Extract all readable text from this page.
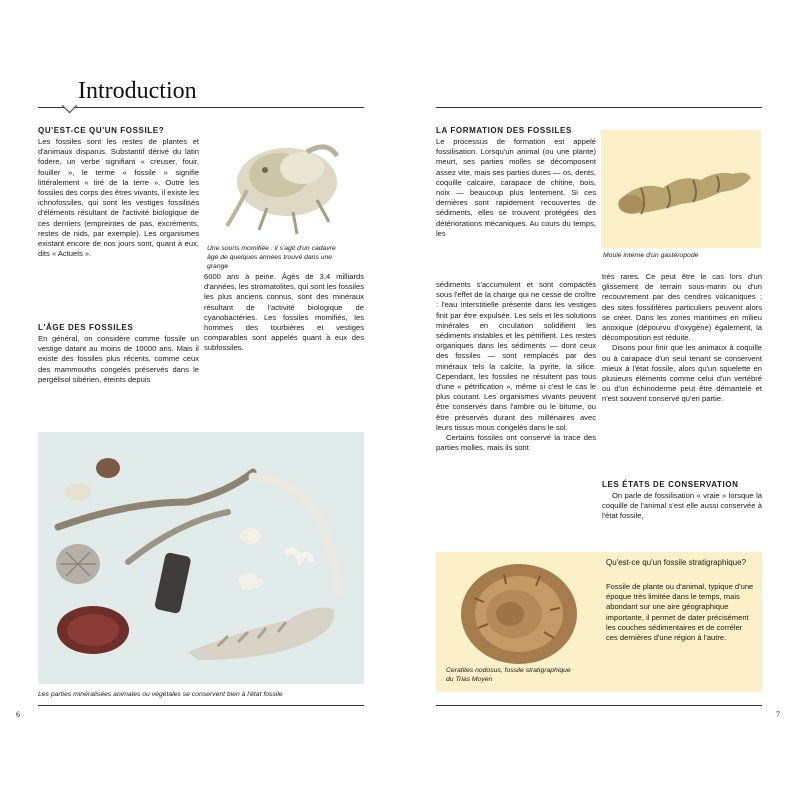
Introduction
QU'EST-CE QU'UN FOSSILE?

Les fossiles sont les restes de plantes et d'animaux disparus. Substantif dérivé du latin fodere, un verbe signifiant « creuser, fouir, fouiller », le terme « fossile » signifie littéralement « tiré de la terre ». Outre les fossiles des corps des êtres vivants, il existe les ichnofossiles, qui sont les vestiges fossilisés d'éléments résultant de l'activité biologique de ces derniers (empreintes de pas, excréments, restes de nids, par exemple). Les organismes existant encore de nos jours sont, quant à eux, dits « Actuels ».

Une souris momifiée : il s'agit d'un cadavre âgé de quelques années trouvé dans une grange
L'ÂGE DES FOSSILES

En général, on considère comme fossile un vestige datant au moins de 10000 ans. Mais il existe des fossiles plus récents, comme ceux des mammouths congelés préservés dans le pergélisol sibérien, éteints depuis

6000 ans à peine. Âgés de 3,4 milliards d'années, les stromatolites, qui sont les fossiles les plus anciens connus, sont des minéraux résultant de l'activité biologique de cyanobactéries. Les fossiles momifiés, les hommes des tourbières et vestiges comparables sont appelés quant à eux des subfossiles.

Les parties minéralisées animales ou végétales se conservent bien à l'état fossile
6
LA FORMATION DES FOSSILES

Le processus de formation est appelé fossilisation. Lorsqu'un animal (ou une plante) meurt, ses parties molles se décomposent assez vite, mais ses parties dures — os, dents, coquille calcaire, carapace de chitine, bois, noix — beaucoup plus lentement. Si ces dernières sont rapidement recouvertes de sédiments, elles se trouvent protégées des détériorations mécaniques. Au cours du temps, les

Moule interne d'un gastéropode

sédiments s'accumulent et sont compactés sous l'effet de la charge qui ne cesse de croître : l'eau interstitielle présente dans les vestiges finit par être expulsée. Les sels et les solutions minérales en circulation solidifient les sédiments instables et les pétrifient. Les restes organiques dans les sédiments — dont ceux des fossiles — sont remplacés par des minéraux tels la calcite, la pyrite, la silice. Cependant, les fossiles ne résultent pas tous d'une « pétrification », même si c'est le cas le plus courant. Les organismes vivants peuvent être conservés dans l'ambre ou le bitume, ou être préservés durant des millénaires avec leurs tissus mous congelés dans le sol.

Certains fossiles ont conservé la trace des parties molles, mais ils sont

très rares. Ce peut être le cas lors d'un glissement de terrain sous-marin ou d'un recouvrement par des cendres volcaniques ; des sites fossilifères particuliers peuvent alors se créer. Dans les zones maritimes en milieu anoxique (dépourvu d'oxygène) également, la décomposition est réduite.

Disons pour finir que les animaux à coquille ou à carapace d'un seul tenant se conservent mieux à l'état fossile, alors qu'un squelette en plusieurs éléments comme celui d'un vertébré ou d'un échinoderme peut être démantelé et n'est souvent conservé qu'en partie.

LES ÉTATS DE CONSERVATION

On parle de fossilisation « vraie » lorsque la coquille de l'animal s'est elle aussi conservée à l'état fossile,

Ceratites nodosus, fossile stratigraphique du Trias Moyen
Qu'est-ce qu'un fossile stratigraphique?

Fossile de plante ou d'animal, typique d'une époque très limitée dans le temps, mais abondant sur une aire géographique importante, il permet de dater précisément les couches sédimentaires et de corréler ces dernières d'une région à l'autre.

7
